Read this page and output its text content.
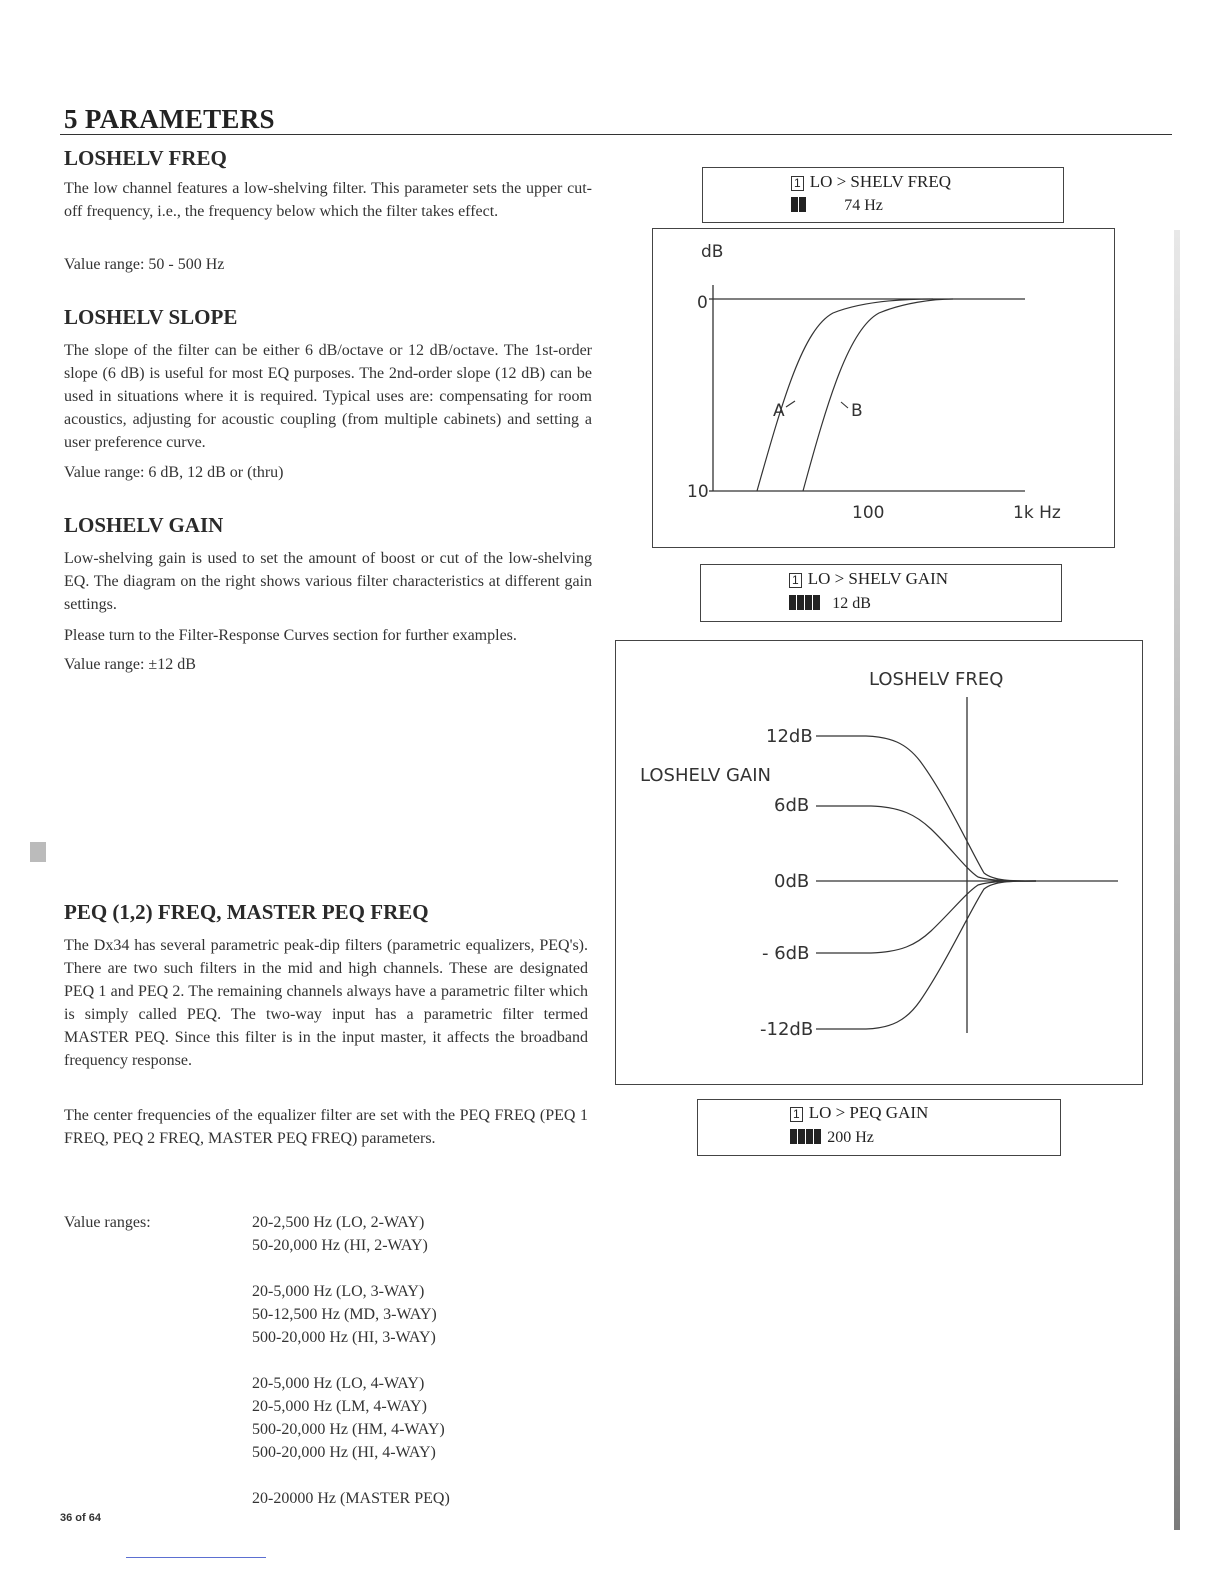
5 PARAMETERS
LOSHELV FREQ
The low channel features a low-shelving filter. This parameter sets the upper cut-off frequency, i.e., the frequency below which the filter takes effect.
Value range: 50 - 500 Hz
LOSHELV SLOPE
The slope of the filter can be either 6 dB/octave or 12 dB/octave. The 1st-order slope (6 dB) is useful for most EQ purposes. The 2nd-order slope (12 dB) can be used in situations where it is required. Typical uses are: compensating for room acoustics, adjusting for acoustic coupling (from multiple cabinets) and setting a user preference curve.
Value range: 6 dB, 12 dB or (thru)
LOSHELV GAIN
Low-shelving gain is used to set the amount of boost or cut of the low-shelving EQ. The diagram on the right shows various filter characteristics at different gain settings.
Please turn to the Filter-Response Curves section for further examples.
Value range: ±12 dB
PEQ (1,2) FREQ, MASTER PEQ FREQ
The Dx34 has several parametric peak-dip filters (parametric equalizers, PEQ's). There are two such filters in the mid and high channels. These are designated PEQ 1 and PEQ 2. The remaining channels always have a parametric filter which is simply called PEQ. The two-way input has a parametric filter termed MASTER PEQ. Since this filter is in the input master, it affects the broadband frequency response.
The center frequencies of the equalizer filter are set with the PEQ FREQ (PEQ 1 FREQ, PEQ 2 FREQ, MASTER PEQ FREQ) parameters.
Value ranges:	20-2,500 Hz (LO, 2-WAY)
50-20,000 Hz (HI, 2-WAY)
20-5,000 Hz (LO, 3-WAY)
50-12,500 Hz (MD, 3-WAY)
500-20,000 Hz (HI, 3-WAY)
20-5,000 Hz (LO, 4-WAY)
20-5,000 Hz (LM, 4-WAY)
500-20,000 Hz (HM, 4-WAY)
500-20,000 Hz (HI, 4-WAY)
20-20000 Hz (MASTER PEQ)
1 LO > SHELV FREQ
74 Hz
dB
0
10
A	B
100	1k Hz
1 LO > SHELV GAIN
12 dB
LOSHELV FREQ
LOSHELV GAIN
12dB
6dB
0dB
- 6dB
-12dB
1 LO > PEQ GAIN
200 Hz
36 of 64
